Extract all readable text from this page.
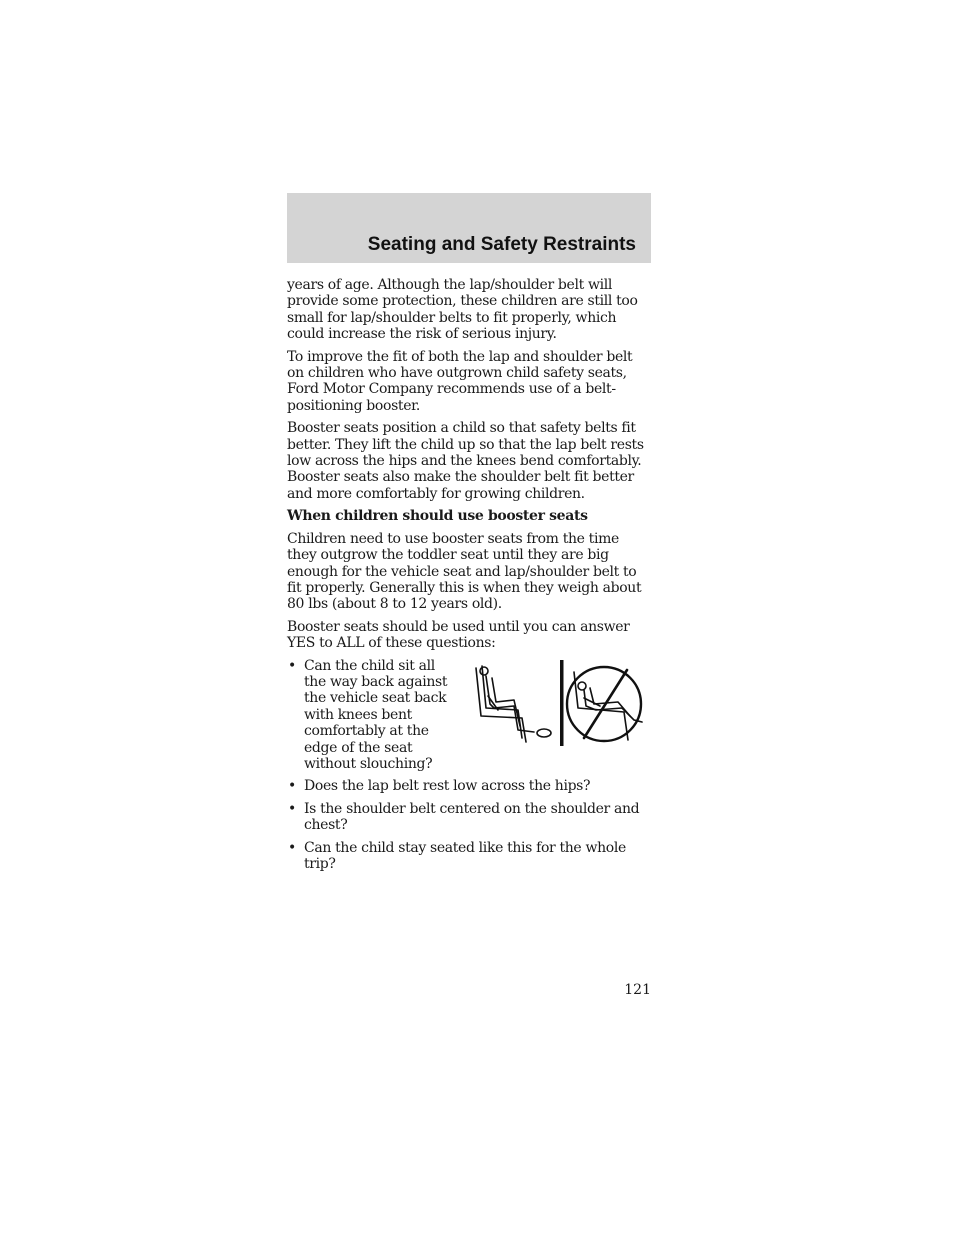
Seating and Safety Restraints

years of age. Although the lap/shoulder belt will provide some protection, these children are still too small for lap/shoulder belts to fit properly, which could increase the risk of serious injury.

To improve the fit of both the lap and shoulder belt on children who have outgrown child safety seats, Ford Motor Company recommends use of a belt-positioning booster.

Booster seats position a child so that safety belts fit better. They lift the child up so that the lap belt rests low across the hips and the knees bend comfortably. Booster seats also make the shoulder belt fit better and more comfortably for growing children.

When children should use booster seats

Children need to use booster seats from the time they outgrow the toddler seat until they are big enough for the vehicle seat and lap/shoulder belt to fit properly. Generally this is when they weigh about 80 lbs (about 8 to 12 years old).

Booster seats should be used until you can answer YES to ALL of these questions:

• Can the child sit all the way back against the vehicle seat back with knees bent comfortably at the edge of the seat without slouching?
• Does the lap belt rest low across the hips?
• Is the shoulder belt centered on the shoulder and chest?
• Can the child stay seated like this for the whole trip?
121
